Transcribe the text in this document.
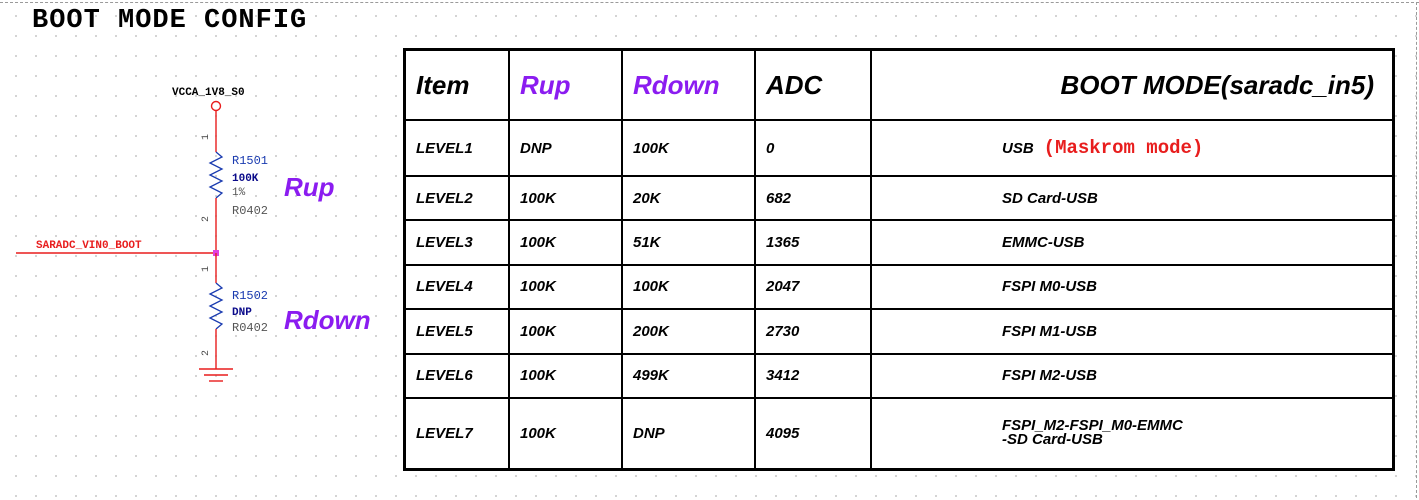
BOOT MODE CONFIG
VCCA_1V8_S0
1
2
R1501
100K
1%
R0402
Rup
SARADC_VIN0_BOOT
1
2
R1502
DNP
R0402 Rdown
Item	Rup	Rdown	ADC	BOOT MODE(saradc_in5)
LEVEL1	DNP	100K	0	USB (Maskrom mode)
LEVEL2	100K	20K	682	SD Card-USB
LEVEL3	100K	51K	1365	EMMC-USB
LEVEL4	100K	100K	2047	FSPI M0-USB
LEVEL5	100K	200K	2730	FSPI M1-USB
LEVEL6	100K	499K	3412	FSPI M2-USB
LEVEL7	100K	DNP	4095	FSPI_M2-FSPI_M0-EMMC
-SD Card-USB
